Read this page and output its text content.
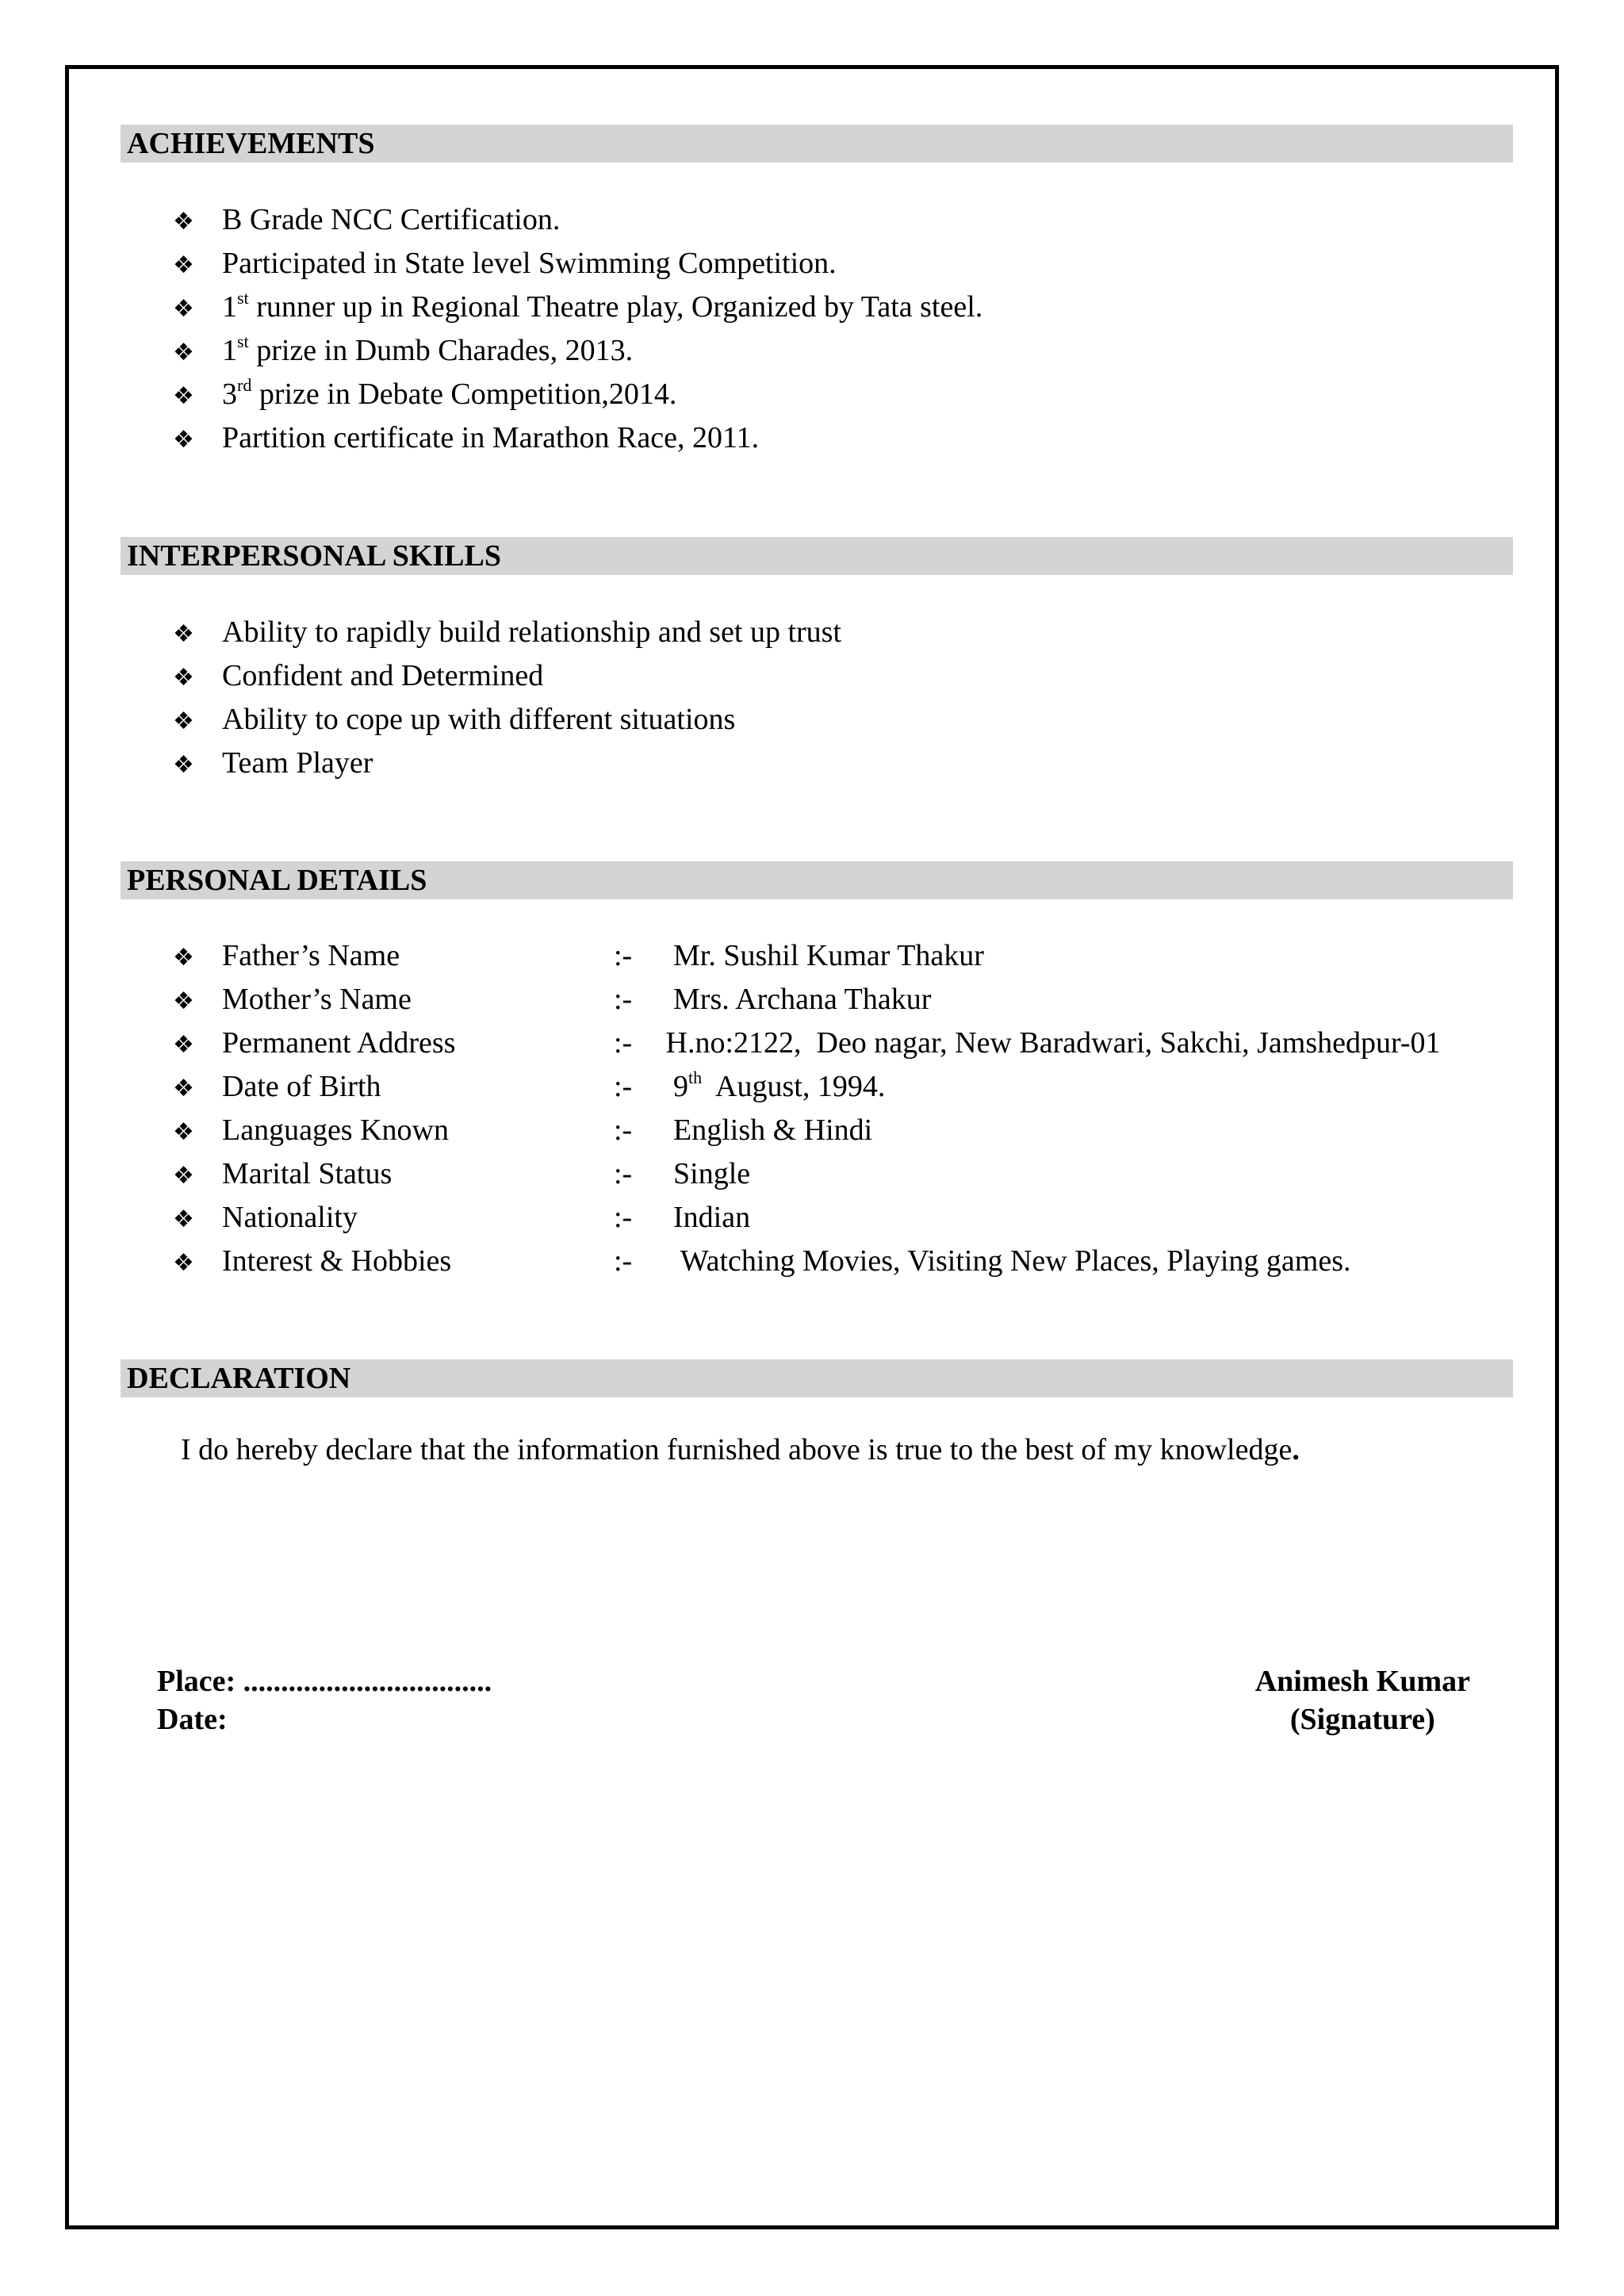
ACHIEVEMENTS
❖ B Grade NCC Certification.
❖ Participated in State level Swimming Competition.
❖ 1st runner up in Regional Theatre play, Organized by Tata steel.
❖ 1st prize in Dumb Charades, 2013.
❖ 3rd prize in Debate Competition,2014.
❖ Partition certificate in Marathon Race, 2011.
INTERPERSONAL SKILLS
❖ Ability to rapidly build relationship and set up trust
❖ Confident and Determined
❖ Ability to cope up with different situations
❖ Team Player
PERSONAL DETAILS
❖ Father’s Name	:-  Mr. Sushil Kumar Thakur
❖ Mother’s Name	:-  Mrs. Archana Thakur
❖ Permanent Address	:- H.no:2122,  Deo nagar, New Baradwari, Sakchi, Jamshedpur-01
❖ Date of Birth	:-  9th  August, 1994.
❖ Languages Known	:-  English & Hindi
❖ Marital Status	:-  Single
❖ Nationality	:-  Indian
❖ Interest & Hobbies	:-   Watching Movies, Visiting New Places, Playing games.
DECLARATION
I do hereby declare that the information furnished above is true to the best of my knowledge.
Place: .................................
Date:
Animesh Kumar
(Signature)
